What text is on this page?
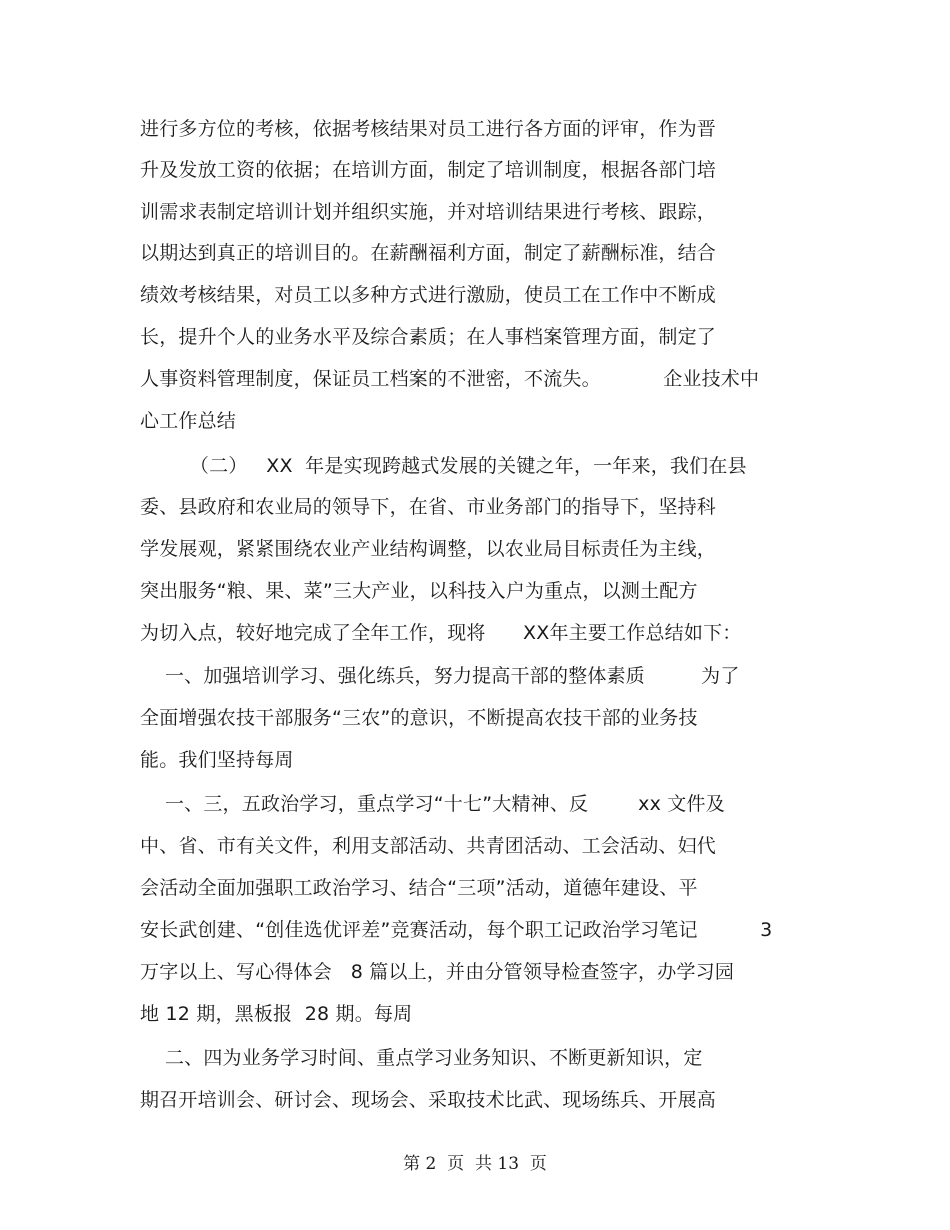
进行多方位的考核，依据考核结果对员工进行各方面的评审，作为晋
升及发放工资的依据；在培训方面，制定了培训制度，根据各部门培
训需求表制定培训计划并组织实施，并对培训结果进行考核、跟踪，
以期达到真正的培训目的。在薪酬福利方面，制定了薪酬标准，结合
绩效考核结果，对员工以多种方式进行激励，使员工在工作中不断成
长，提升个人的业务水平及综合素质；在人事档案管理方面，制定了
人事资料管理制度，保证员工档案的不泄密，不流失。          企业技术中
心工作总结
（二）   XX  年是实现跨越式发展的关键之年，一年来，我们在县
委、县政府和农业局的领导下，在省、市业务部门的指导下，坚持科
学发展观，紧紧围绕农业产业结构调整，以农业局目标责任为主线，
突出服务“粮、果、菜”三大产业，以科技入户为重点，以测土配方
为切入点，较好地完成了全年工作，现将      XX年主要工作总结如下：
一、加强培训学习、强化练兵，努力提高干部的整体素质         为了
全面增强农技干部服务“三农”的意识，不断提高农技干部的业务技
能。我们坚持每周
一、三，五政治学习，重点学习“十七”大精神、反        xx 文件及
中、省、市有关文件，利用支部活动、共青团活动、工会活动、妇代
会活动全面加强职工政治学习、结合“三项”活动，道德年建设、平
安长武创建、“创佳选优评差”竞赛活动，每个职工记政治学习笔记          3
万字以上、写心得体会   8 篇以上，并由分管领导检查签字，办学习园
地 12 期，黑板报  28 期。每周
二、四为业务学习时间、重点学习业务知识、不断更新知识，定
期召开培训会、研讨会、现场会、采取技术比武、现场练兵、开展高
第 2  页  共 13  页
